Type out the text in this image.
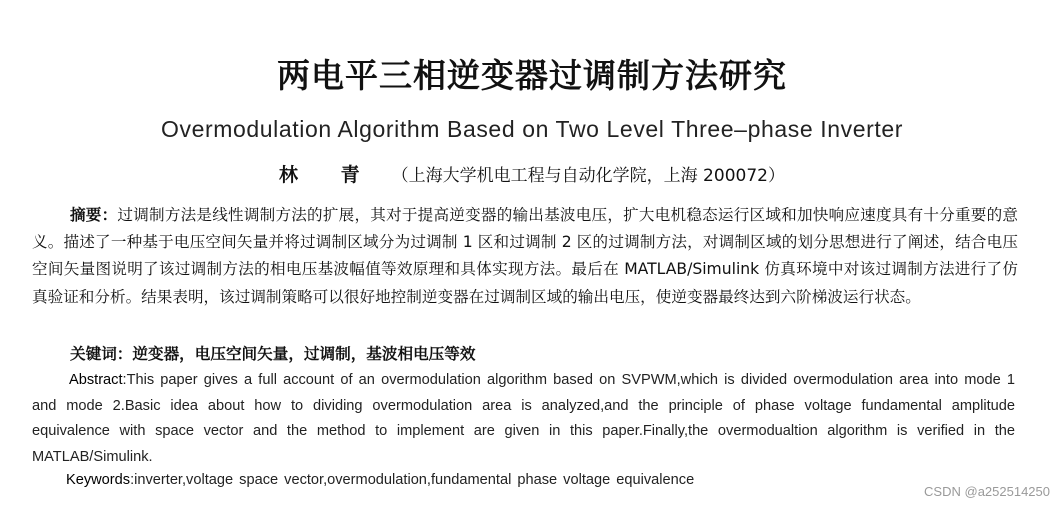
两电平三相逆变器过调制方法研究
Overmodulation Algorithm Based on Two Level Three–phase Inverter
林 青 （上海大学机电工程与自动化学院，上海 200072）
摘要：过调制方法是线性调制方法的扩展，其对于提高逆变器的输出基波电压，扩大电机稳态运行区域和加快响应速度具有十分重要的意义。描述了一种基于电压空间矢量并将过调制区域分为过调制 1 区和过调制 2 区的过调制方法，对调制区域的划分思想进行了阐述，结合电压空间矢量图说明了该过调制方法的相电压基波幅值等效原理和具体实现方法。最后在 MATLAB/Simulink 仿真环境中对该过调制方法进行了仿真验证和分析。结果表明，该过调制策略可以很好地控制逆变器在过调制区域的输出电压，使逆变器最终达到六阶梯波运行状态。
关键词：逆变器，电压空间矢量，过调制，基波相电压等效
Abstract:This paper gives a full account of an overmodulation algorithm based on SVPWM,which is divided overmodulation area into mode 1 and mode 2.Basic idea about how to dividing overmodulation area is analyzed,and the principle of phase voltage fundamental amplitude equivalence with space vector and the method to implement are given in this paper.Finally,the overmodualtion algorithm is verified in the MATLAB/Simulink.
Keywords:inverter,voltage space vector,overmodulation,fundamental phase voltage equivalence
CSDN @a252514250
